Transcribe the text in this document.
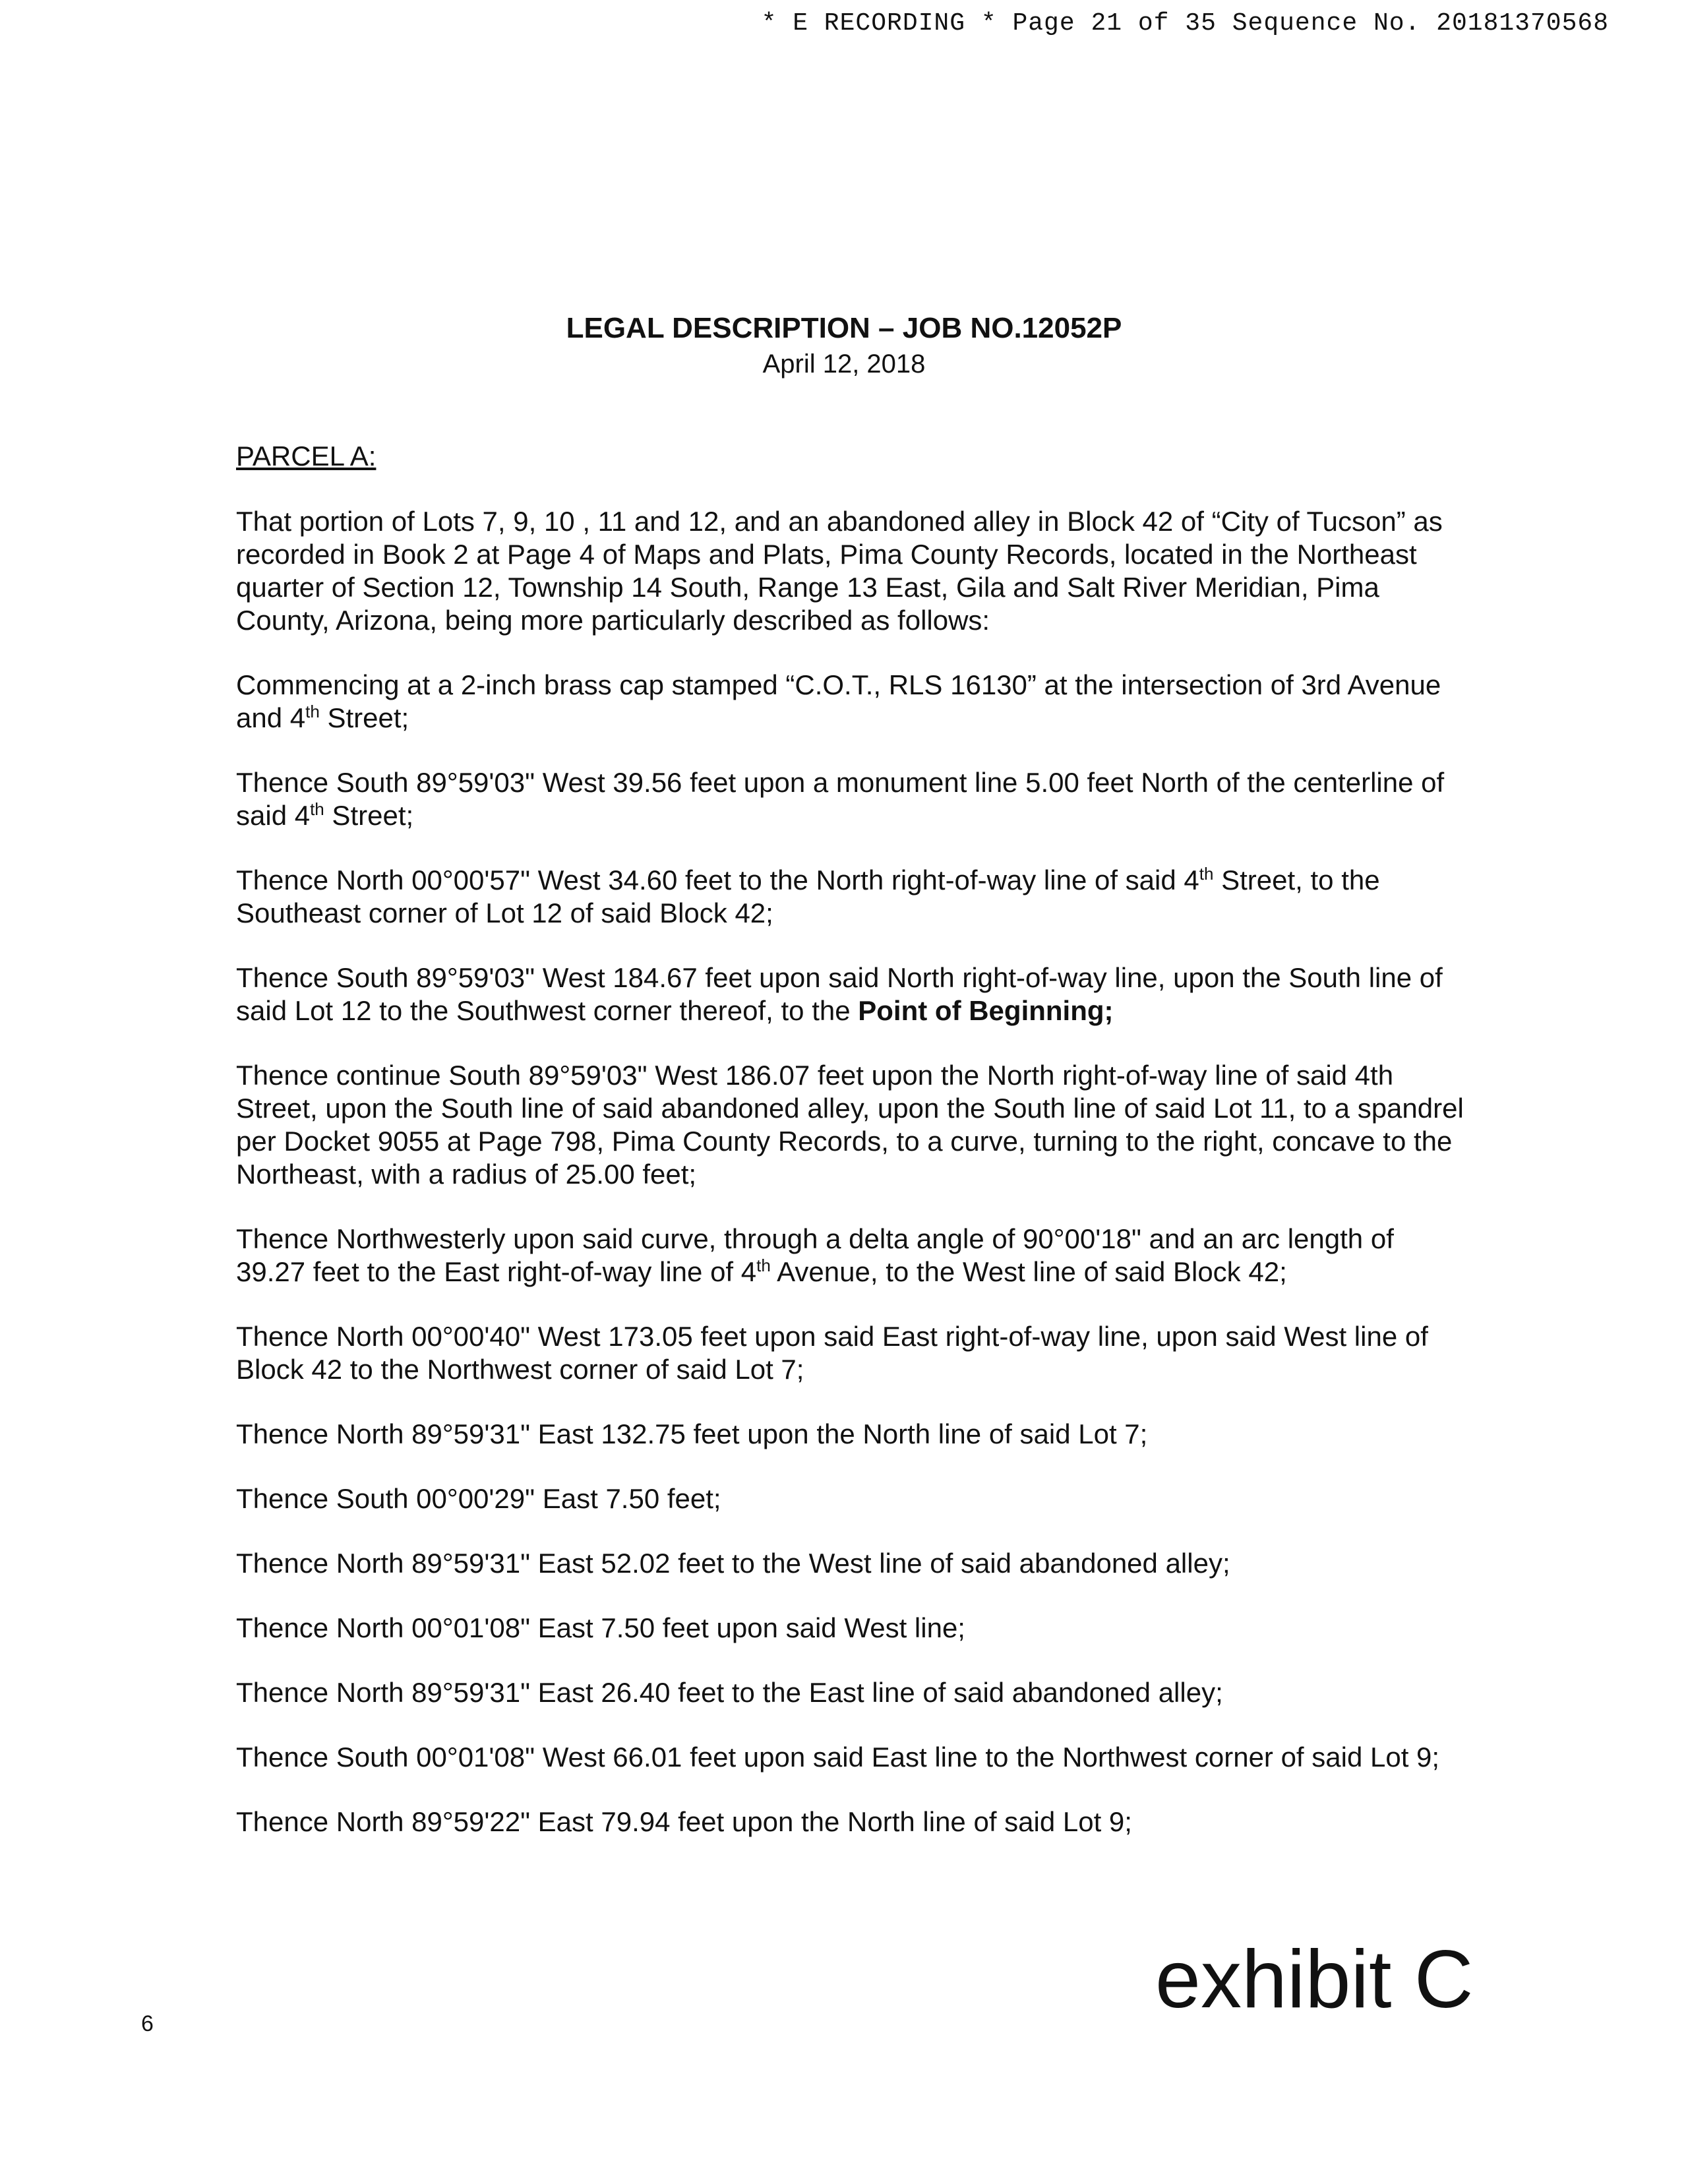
* E RECORDING * Page 21 of 35 Sequence No. 20181370568
LEGAL DESCRIPTION – JOB NO.12052P
April 12, 2018
PARCEL A:

That portion of Lots 7, 9, 10 , 11 and 12, and an abandoned alley in Block 42 of “City of Tucson” as recorded in Book 2 at Page 4 of Maps and Plats, Pima County Records, located in the Northeast quarter of Section 12, Township 14 South, Range 13 East, Gila and Salt River Meridian, Pima County, Arizona, being more particularly described as follows:

Commencing at a 2-inch brass cap stamped “C.O.T., RLS 16130” at the intersection of 3rd Avenue and 4th Street;

Thence South 89°59'03" West 39.56 feet upon a monument line 5.00 feet North of the centerline of said 4th Street;

Thence North 00°00'57" West 34.60 feet to the North right-of-way line of said 4th Street, to the Southeast corner of Lot 12 of said Block 42;

Thence South 89°59'03" West 184.67 feet upon said North right-of-way line, upon the South line of said Lot 12 to the Southwest corner thereof, to the Point of Beginning;

Thence continue South 89°59'03" West 186.07 feet upon the North right-of-way line of said 4th Street, upon the South line of said abandoned alley, upon the South line of said Lot 11, to a spandrel per Docket 9055 at Page 798, Pima County Records, to a curve, turning to the right, concave to the Northeast, with a radius of 25.00 feet;

Thence Northwesterly upon said curve, through a delta angle of 90°00'18" and an arc length of 39.27 feet to the East right-of-way line of 4th Avenue, to the West line of said Block 42;

Thence North 00°00'40" West 173.05 feet upon said East right-of-way line, upon said West line of Block 42 to the Northwest corner of said Lot 7;

Thence North 89°59'31" East 132.75 feet upon the North line of said Lot 7;

Thence South 00°00'29" East 7.50 feet;

Thence North 89°59'31" East 52.02 feet to the West line of said abandoned alley;

Thence North 00°01'08" East 7.50 feet upon said West line;

Thence North 89°59'31" East 26.40 feet to the East line of said abandoned alley;

Thence South 00°01'08" West 66.01 feet upon said East line to the Northwest corner of said Lot 9;

Thence North 89°59'22" East 79.94 feet upon the North line of said Lot 9;

exhibit C
6
